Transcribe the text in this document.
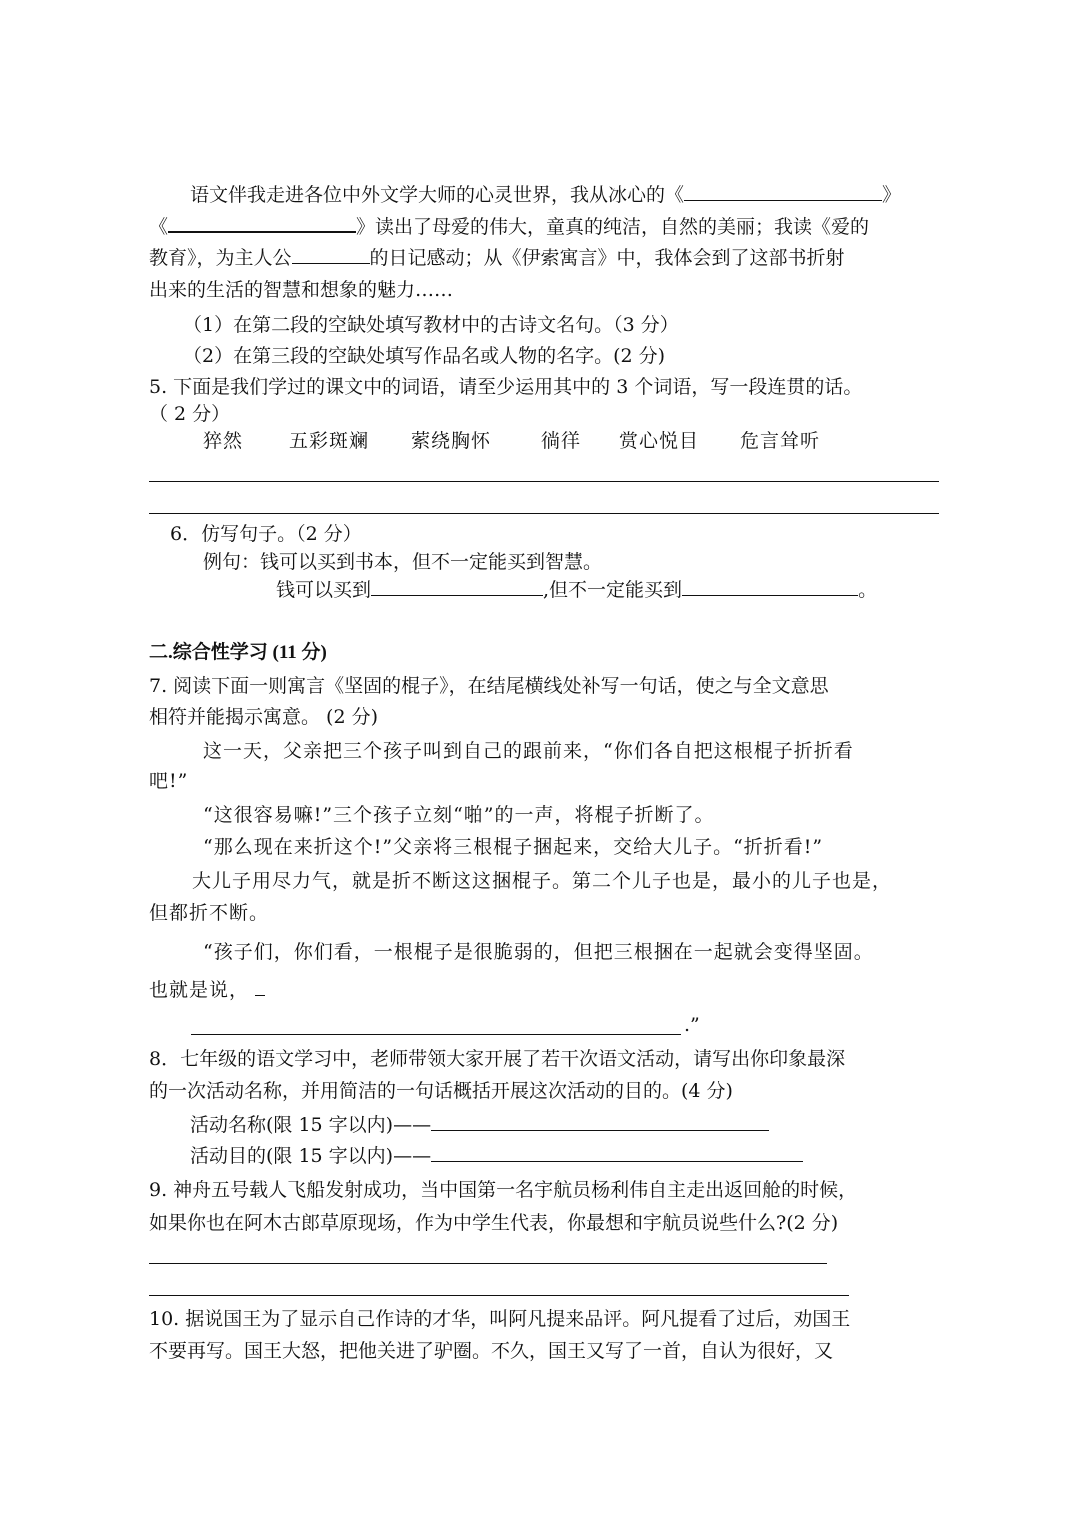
语文伴我走进各位中外文学大师的心灵世界，我从冰心的《	》
《	》读出了母爱的伟大，童真的纯洁，自然的美丽；我读《爱的
教育》，为主人公	的日记感动；从《伊索寓言》中，我体会到了这部书折射
出来的生活的智慧和想象的魅力……
（1）在第二段的空缺处填写教材中的古诗文名句。（3 分）
（2）在第三段的空缺处填写作品名或人物的名字。(2 分)
5. 下面是我们学过的课文中的词语，请至少运用其中的 3 个词语，写一段连贯的话。
（ 2 分）
猝然 五彩斑斓 萦绕胸怀	徜徉 赏心悦目 危言耸听
6．仿写句子。（2 分）
例句：钱可以买到书本，但不一定能买到智慧。
钱可以买到	,但不一定能买到	。
二.综合性学习 (11 分)
7. 阅读下面一则寓言《坚固的棍子》，在结尾横线处补写一句话，使之与全文意思
相符并能揭示寓意。 (2 分)
这一天，父亲把三个孩子叫到自己的跟前来，“你们各自把这根棍子折折看
吧!”
“这很容易嘛!”三个孩子立刻“啪”的一声，将棍子折断了。
“那么现在来折这个!”父亲将三根棍子捆起来，交给大儿子。“折折看!”
大儿子用尽力气，就是折不断这这捆棍子。第二个儿子也是，最小的儿子也是，
但都折不断。
“孩子们，你们看，一根棍子是很脆弱的，但把三根捆在一起就会变得坚固。
也就是说，
.”
8．七年级的语文学习中，老师带领大家开展了若干次语文活动，请写出你印象最深
的一次活动名称，并用简洁的一句话概括开展这次活动的目的。(4 分)
活动名称(限 15 字以内)——
活动目的(限 15 字以内)——
9. 神舟五号载人飞船发射成功，当中国第一名宇航员杨利伟自主走出返回舱的时候，
如果你也在阿木古郎草原现场，作为中学生代表，你最想和宇航员说些什么?(2 分)
10. 据说国王为了显示自己作诗的才华，叫阿凡提来品评。阿凡提看了过后，劝国王
不要再写。国王大怒，把他关进了驴圈。不久，国王又写了一首，自认为很好，又
